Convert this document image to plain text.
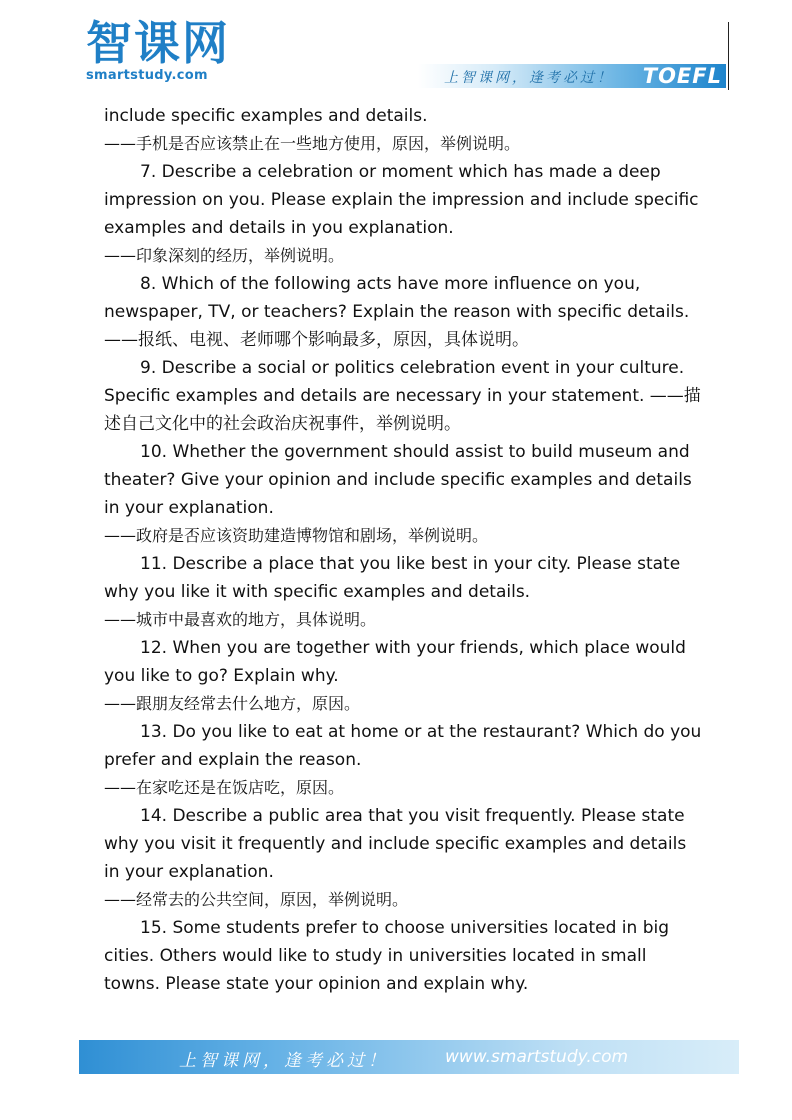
智课网
smartstudy.com	上智课网，逢考必过！ TOEFL

include specific examples and details.

——手机是否应该禁止在一些地方使用，原因，举例说明。

7. Describe a celebration or moment which has made a deep impression on you. Please explain the impression and include specific examples and details in you explanation.

——印象深刻的经历，举例说明。

8. Which of the following acts have more influence on you, newspaper, TV, or teachers? Explain the reason with specific details. ——报纸、电视、老师哪个影响最多，原因，具体说明。

9. Describe a social or politics celebration event in your culture. Specific examples and details are necessary in your statement. ——描述自己文化中的社会政治庆祝事件，举例说明。

10. Whether the government should assist to build museum and theater? Give your opinion and include specific examples and details in your explanation.

——政府是否应该资助建造博物馆和剧场，举例说明。

11. Describe a place that you like best in your city. Please state why you like it with specific examples and details.

——城市中最喜欢的地方，具体说明。

12. When you are together with your friends, which place would you like to go? Explain why.

——跟朋友经常去什么地方，原因。

13. Do you like to eat at home or at the restaurant? Which do you prefer and explain the reason.

——在家吃还是在饭店吃，原因。

14. Describe a public area that you visit frequently. Please state why you visit it frequently and include specific examples and details in your explanation.

——经常去的公共空间，原因，举例说明。

15. Some students prefer to choose universities located in big cities. Others would like to study in universities located in small towns. Please state your opinion and explain why.

上智课网，逢考必过！	www.smartstudy.com
